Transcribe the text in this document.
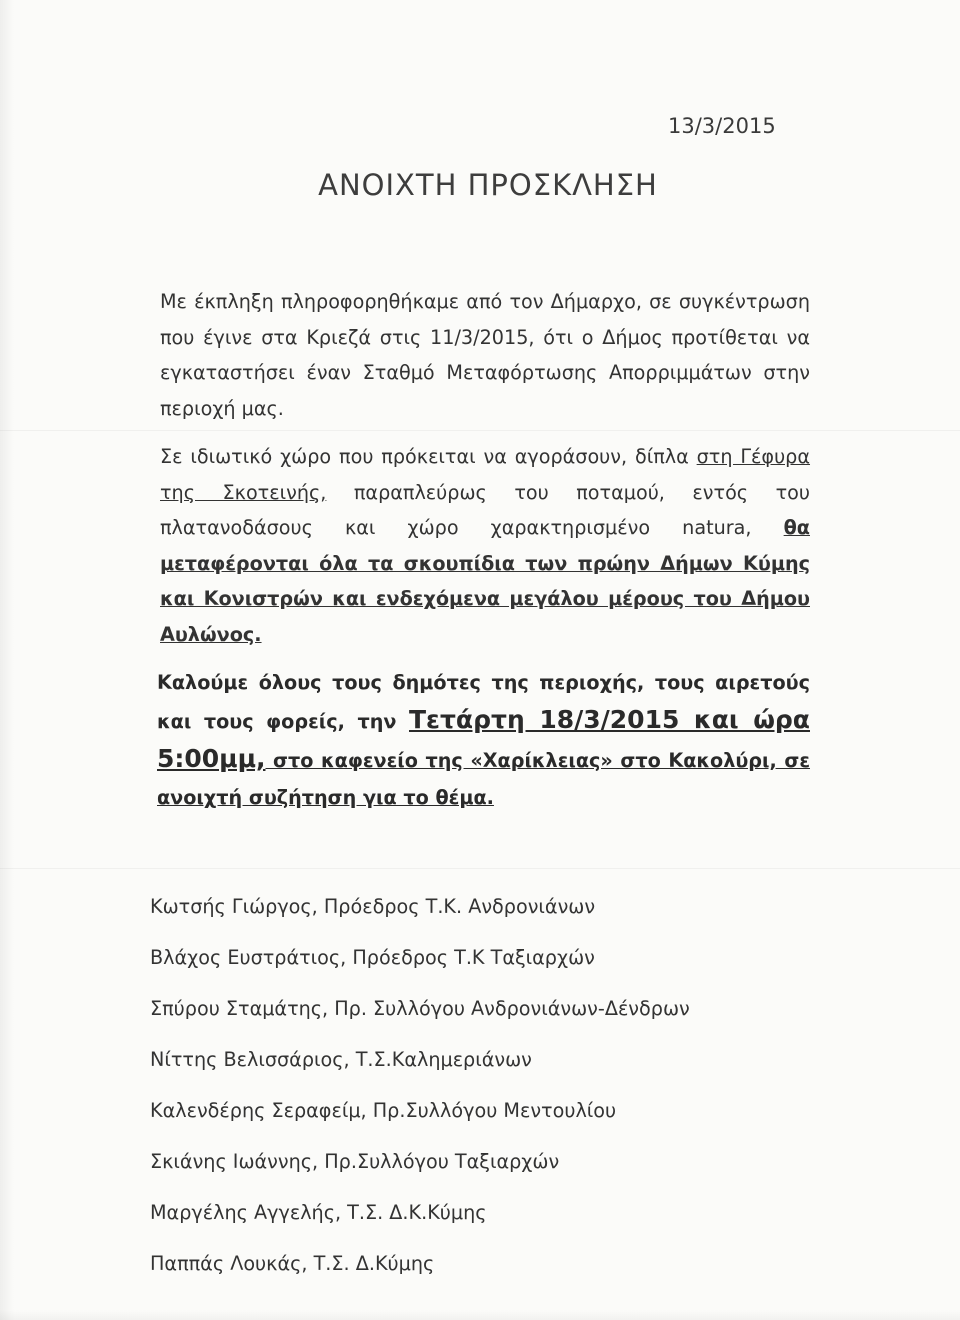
13/3/2015
ΑΝΟΙΧΤΗ ΠΡΟΣΚΛΗΣΗ
Με έκπληξη πληροφορηθήκαμε από τον Δήμαρχο, σε συγκέντρωση που έγινε στα Κριεζά στις 11/3/2015, ότι ο Δήμος προτίθεται να εγκαταστήσει έναν Σταθμό Μεταφόρτωσης Απορριμμάτων στην περιοχή μας.
Σε ιδιωτικό χώρο που πρόκειται να αγοράσουν, δίπλα στη Γέφυρα της Σκοτεινής, παραπλεύρως του ποταμού, εντός του πλατανοδάσους και χώρο χαρακτηρισμένο natura, θα μεταφέρονται όλα τα σκουπίδια των πρώην Δήμων Κύμης και Κονιστρών και ενδεχόμενα μεγάλου μέρους του Δήμου Αυλώνος.
Καλούμε όλους τους δημότες της περιοχής, τους αιρετούς και τους φορείς, την Τετάρτη 18/3/2015 και ώρα 5:00μμ, στο καφενείο της «Χαρίκλειας» στο Κακολύρι, σε ανοιχτή συζήτηση για το θέμα.
Κωτσής Γιώργος, Πρόεδρος Τ.Κ. Ανδρονιάνων
Βλάχος Ευστράτιος, Πρόεδρος Τ.Κ Ταξιαρχών
Σπύρου Σταμάτης, Πρ. Συλλόγου Ανδρονιάνων-Δένδρων
Νίττης Βελισσάριος, Τ.Σ.Καλημεριάνων
Καλενδέρης Σεραφείμ, Πρ.Συλλόγου Μεντουλίου
Σκιάνης Ιωάννης, Πρ.Συλλόγου Ταξιαρχών
Μαργέλης Αγγελής, Τ.Σ. Δ.Κ.Κύμης
Παππάς Λουκάς, Τ.Σ. Δ.Κύμης
